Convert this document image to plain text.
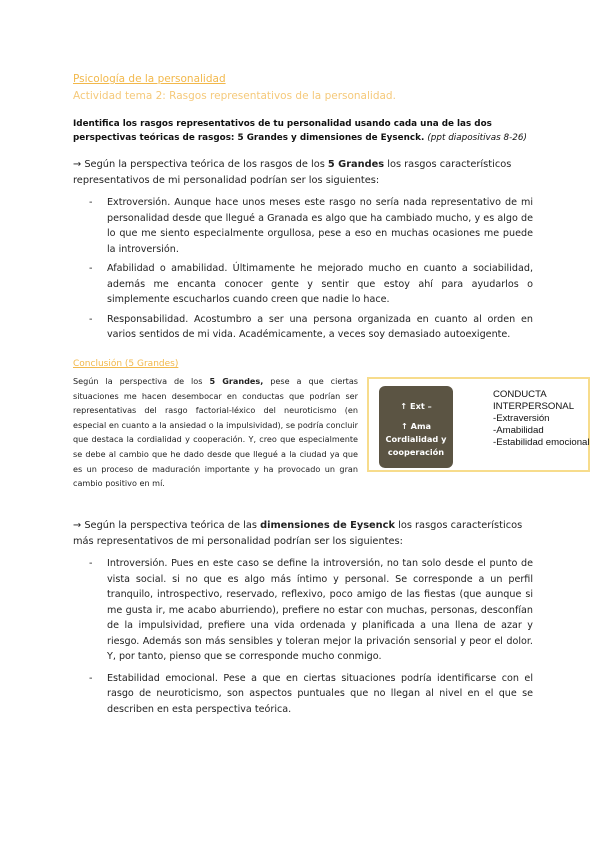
Psicología de la personalidad
Actividad tema 2: Rasgos representativos de la personalidad.
Identifica los rasgos representativos de tu personalidad usando cada una de las dos perspectivas teóricas de rasgos: 5 Grandes y dimensiones de Eysenck. (ppt diapositivas 8-26)
→ Según la perspectiva teórica de los rasgos de los 5 Grandes los rasgos característicos representativos de mi personalidad podrían ser los siguientes:
- Extroversión. Aunque hace unos meses este rasgo no sería nada representativo de mi personalidad desde que llegué a Granada es algo que ha cambiado mucho, y es algo de lo que me siento especialmente orgullosa, pese a eso en muchas ocasiones me puede la introversión.
- Afabilidad o amabilidad. Últimamente he mejorado mucho en cuanto a sociabilidad, además me encanta conocer gente y sentir que estoy ahí para ayudarlos o simplemente escucharlos cuando creen que nadie lo hace.
- Responsabilidad. Acostumbro a ser una persona organizada en cuanto al orden en varios sentidos de mi vida. Académicamente, a veces soy demasiado autoexigente.
Conclusión (5 Grandes)
Según la perspectiva de los 5 Grandes, pese a que ciertas situaciones me hacen desembocar en conductas que podrían ser representativas del rasgo factorial-léxico del neuroticismo (en especial en cuanto a la ansiedad o la impulsividad), se podría concluir que destaca la cordialidad y cooperación. Y, creo que especialmente se debe al cambio que he dado desde que llegué a la ciudad ya que es un proceso de maduración importante y ha provocado un gran cambio positivo en mí.
↑ Ext –
↑ Ama Cordialidad y cooperación
CONDUCTA
INTERPERSONAL
-Extraversión
-Amabilidad
-Estabilidad emocional
→ Según la perspectiva teórica de las dimensiones de Eysenck los rasgos característicos más representativos de mi personalidad podrían ser los siguientes:
- Introversión. Pues en este caso se define la introversión, no tan solo desde el punto de vista social. si no que es algo más íntimo y personal. Se corresponde a un perfil tranquilo, introspectivo, reservado, reflexivo, poco amigo de las fiestas (que aunque si me gusta ir, me acabo aburriendo), prefiere no estar con muchas, personas, desconfían de la impulsividad, prefiere una vida ordenada y planificada a una llena de azar y riesgo. Además son más sensibles y toleran mejor la privación sensorial y peor el dolor. Y, por tanto, pienso que se corresponde mucho conmigo.
- Estabilidad emocional. Pese a que en ciertas situaciones podría identificarse con el rasgo de neuroticismo, son aspectos puntuales que no llegan al nivel en el que se describen en esta perspectiva teórica.
